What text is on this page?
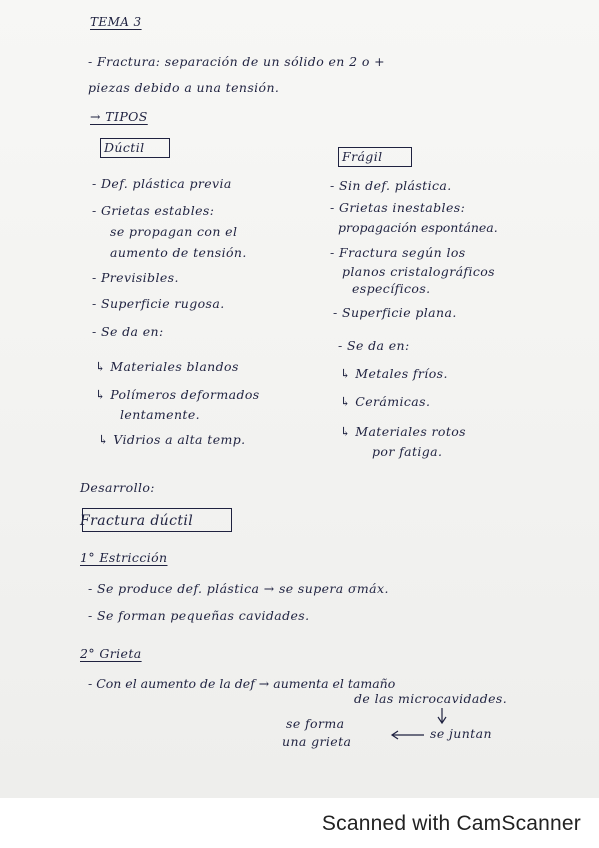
TEMA 3
- Fractura: separación de un sólido en 2 o +
piezas debido a una tensión.
→ TIPOS
Dúctil
- Def. plástica previa
- Grietas estables:
se propagan con el
aumento de tensión.
- Previsibles.
- Superficie rugosa.
- Se da en:
↳ Materiales blandos
↳ Polímeros deformados
lentamente.
↳ Vidrios a alta temp.
Frágil
- Sin def. plástica.
- Grietas inestables:
propagación espontánea.
- Fractura según los
planos cristalográficos
específicos.
- Superficie plana.
- Se da en:
↳ Metales fríos.
↳ Cerámicas.
↳ Materiales rotos
por fatiga.
Desarrollo:
Fractura dúctil
1° Estricción
- Se produce def. plástica → se supera σmáx.
- Se forman pequeñas cavidades.
2° Grieta
- Con el aumento de la def → aumenta el tamaño
de las microcavidades.
se forma
una grieta
se juntan
Scanned with CamScanner
